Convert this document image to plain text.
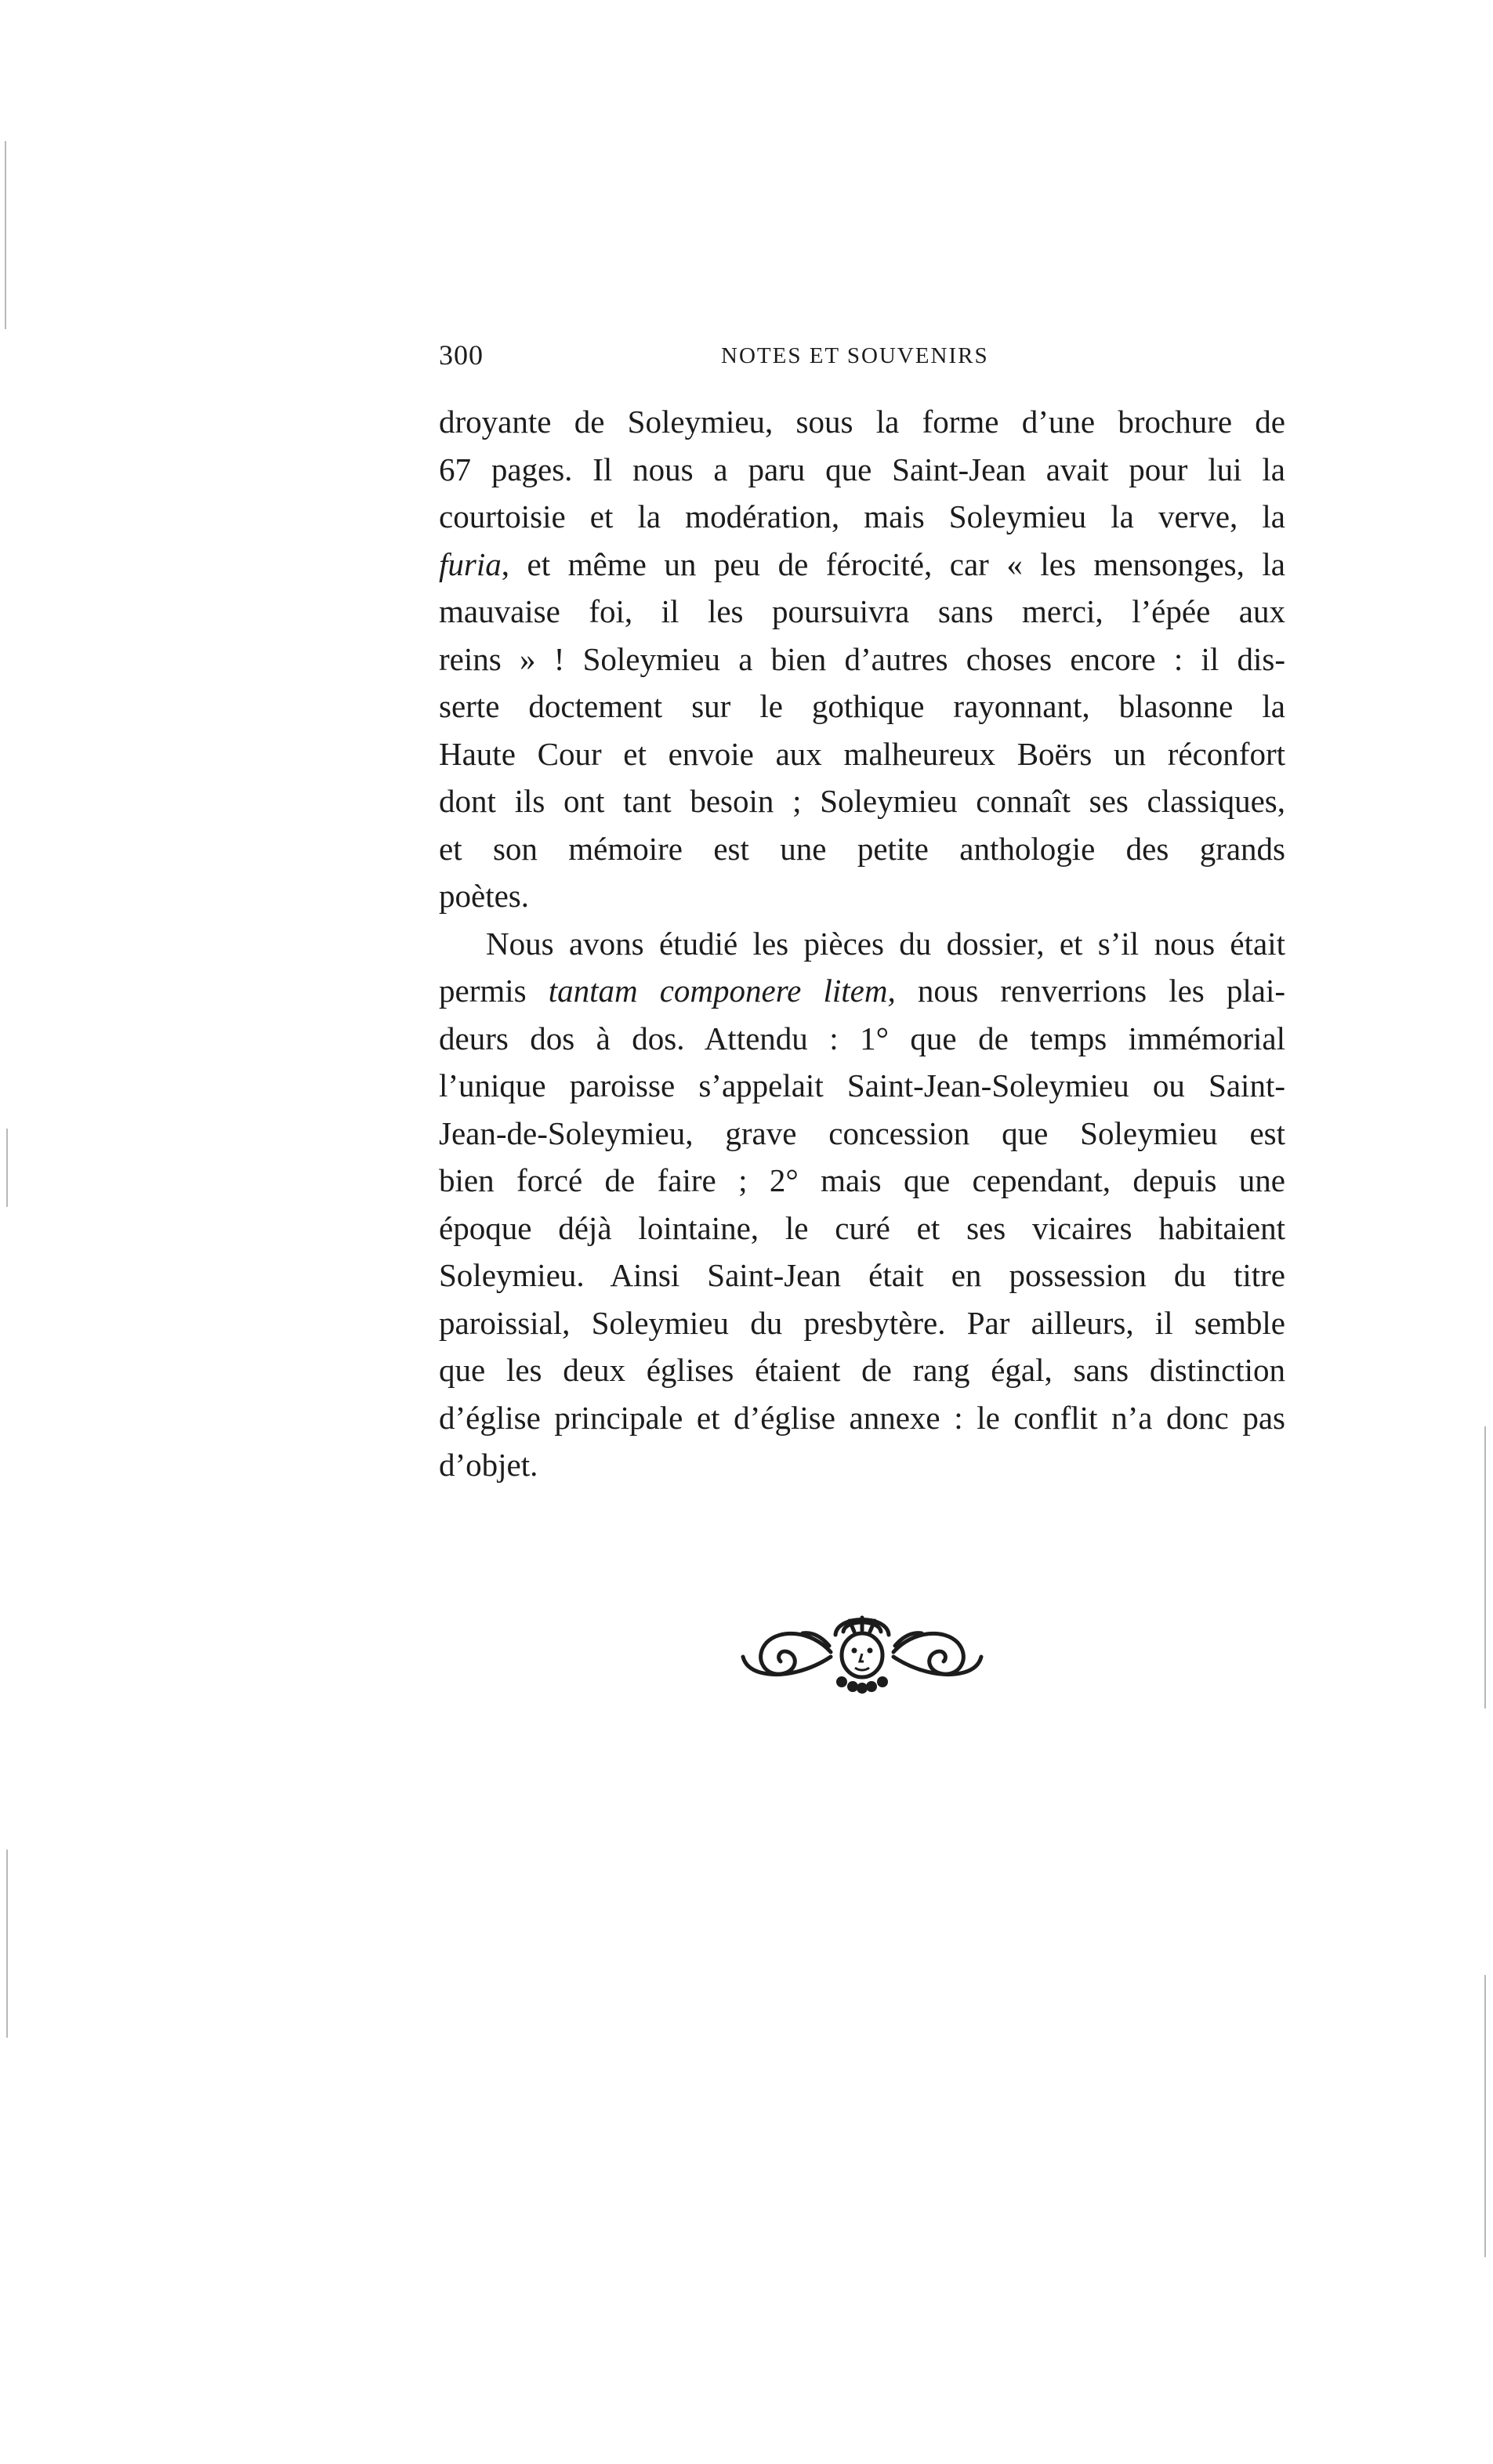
300	NOTES ET SOUVENIRS

droyante de Soleymieu, sous la forme d’une brochure de
67 pages. Il nous a paru que Saint-Jean avait pour lui la
courtoisie et la modération, mais Soleymieu la verve, la
furia, et même un peu de férocité, car « les mensonges, la
mauvaise foi, il les poursuivra sans merci, l’épée aux
reins » ! Soleymieu a bien d’autres choses encore : il dis-
serte doctement sur le gothique rayonnant, blasonne la
Haute Cour et envoie aux malheureux Boërs un réconfort
dont ils ont tant besoin ; Soleymieu connaît ses classiques,
et son mémoire est une petite anthologie des grands
poètes.

Nous avons étudié les pièces du dossier, et s’il nous était
permis tantam componere litem, nous renverrions les plai-
deurs dos à dos. Attendu : 1° que de temps immémorial
l’unique paroisse s’appelait Saint-Jean-Soleymieu ou Saint-
Jean-de-Soleymieu, grave concession que Soleymieu est
bien forcé de faire ; 2° mais que cependant, depuis une
époque déjà lointaine, le curé et ses vicaires habitaient
Soleymieu. Ainsi Saint-Jean était en possession du titre
paroissial, Soleymieu du presbytère. Par ailleurs, il semble
que les deux églises étaient de rang égal, sans distinction
d’église principale et d’église annexe : le conflit n’a donc pas
d’objet.
